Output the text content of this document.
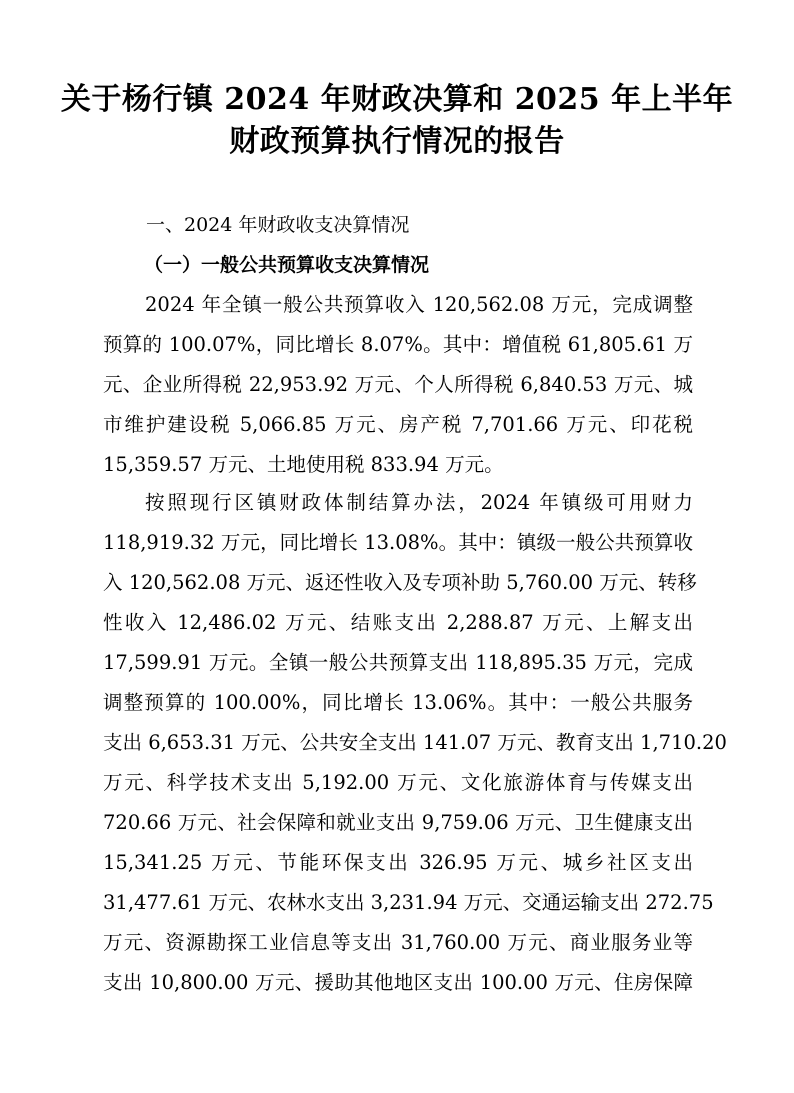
关于杨行镇 2024 年财政决算和 2025 年上半年
财政预算执行情况的报告
一、2024 年财政收支决算情况
（一）一般公共预算收支决算情况
2024 年全镇一般公共预算收入 120,562.08 万元，完成调整
预算的 100.07%，同比增长 8.07%。其中：增值税 61,805.61 万
元、企业所得税 22,953.92 万元、个人所得税 6,840.53 万元、城
市维护建设税 5,066.85 万元、房产税 7,701.66 万元、印花税
15,359.57 万元、土地使用税 833.94 万元。
按照现行区镇财政体制结算办法，2024 年镇级可用财力
118,919.32 万元，同比增长 13.08%。其中：镇级一般公共预算收
入 120,562.08 万元、返还性收入及专项补助 5,760.00 万元、转移
性收入 12,486.02 万元、结账支出 2,288.87 万元、上解支出
17,599.91 万元。全镇一般公共预算支出 118,895.35 万元，完成
调整预算的 100.00%，同比增长 13.06%。其中：一般公共服务
支出 6,653.31 万元、公共安全支出 141.07 万元、教育支出 1,710.20
万元、科学技术支出 5,192.00 万元、文化旅游体育与传媒支出
720.66 万元、社会保障和就业支出 9,759.06 万元、卫生健康支出
15,341.25 万元、节能环保支出 326.95 万元、城乡社区支出
31,477.61 万元、农林水支出 3,231.94 万元、交通运输支出 272.75
万元、资源勘探工业信息等支出 31,760.00 万元、商业服务业等
支出 10,800.00 万元、援助其他地区支出 100.00 万元、住房保障
